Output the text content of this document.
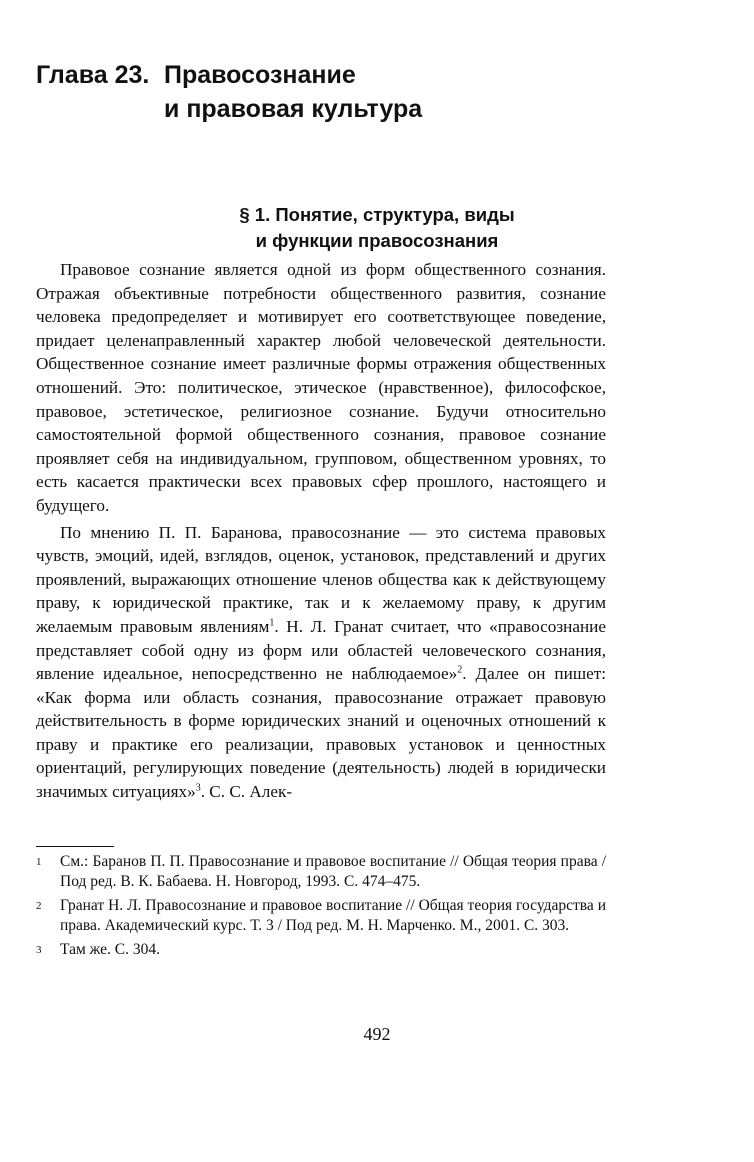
Глава 23. Правосознание
и правовая культура
§ 1. Понятие, структура, виды
и функции правосознания

Правовое сознание является одной из форм общественного сознания. Отражая объективные потребности общественного развития, сознание человека предопределяет и мотивирует его соответствующее поведение, придает целенаправленный характер любой человеческой деятельности. Общественное сознание имеет различные формы отражения общественных отношений. Это: политическое, этическое (нравственное), философское, правовое, эстетическое, религиозное сознание. Будучи относительно самостоятельной формой общественного сознания, правовое сознание проявляет себя на индивидуальном, групповом, общественном уровнях, то есть касается практически всех правовых сфер прошлого, настоящего и будущего.

По мнению П. П. Баранова, правосознание — это система правовых чувств, эмоций, идей, взглядов, оценок, установок, представлений и других проявлений, выражающих отношение членов общества как к действующему праву, к юридической практике, так и к желаемому праву, к другим желаемым правовым явлениям$^1$. Н. Л. Гранат считает, что «правосознание представляет собой одну из форм или областей человеческого сознания, явление идеальное, непосредственно не наблюдаемое»$^2$. Далее он пишет: «Как форма или область сознания, правосознание отражает правовую действительность в форме юридических знаний и оценочных отношений к праву и практике его реализации, правовых установок и ценностных ориентаций, регулирующих поведение (деятельность) людей в юридически значимых ситуациях»$^3$. С. С. Алек-

1	См.: Баранов П. П. Правосознание и правовое воспитание // Общая теория права / Под ред. В. К. Бабаева. Н. Новгород, 1993. С. 474–475.
2	Гранат Н. Л. Правосознание и правовое воспитание // Общая теория государства и права. Академический курс. Т. 3 / Под ред. М. Н. Марченко. М., 2001. С. 303.
3	Там же. С. 304.
492
